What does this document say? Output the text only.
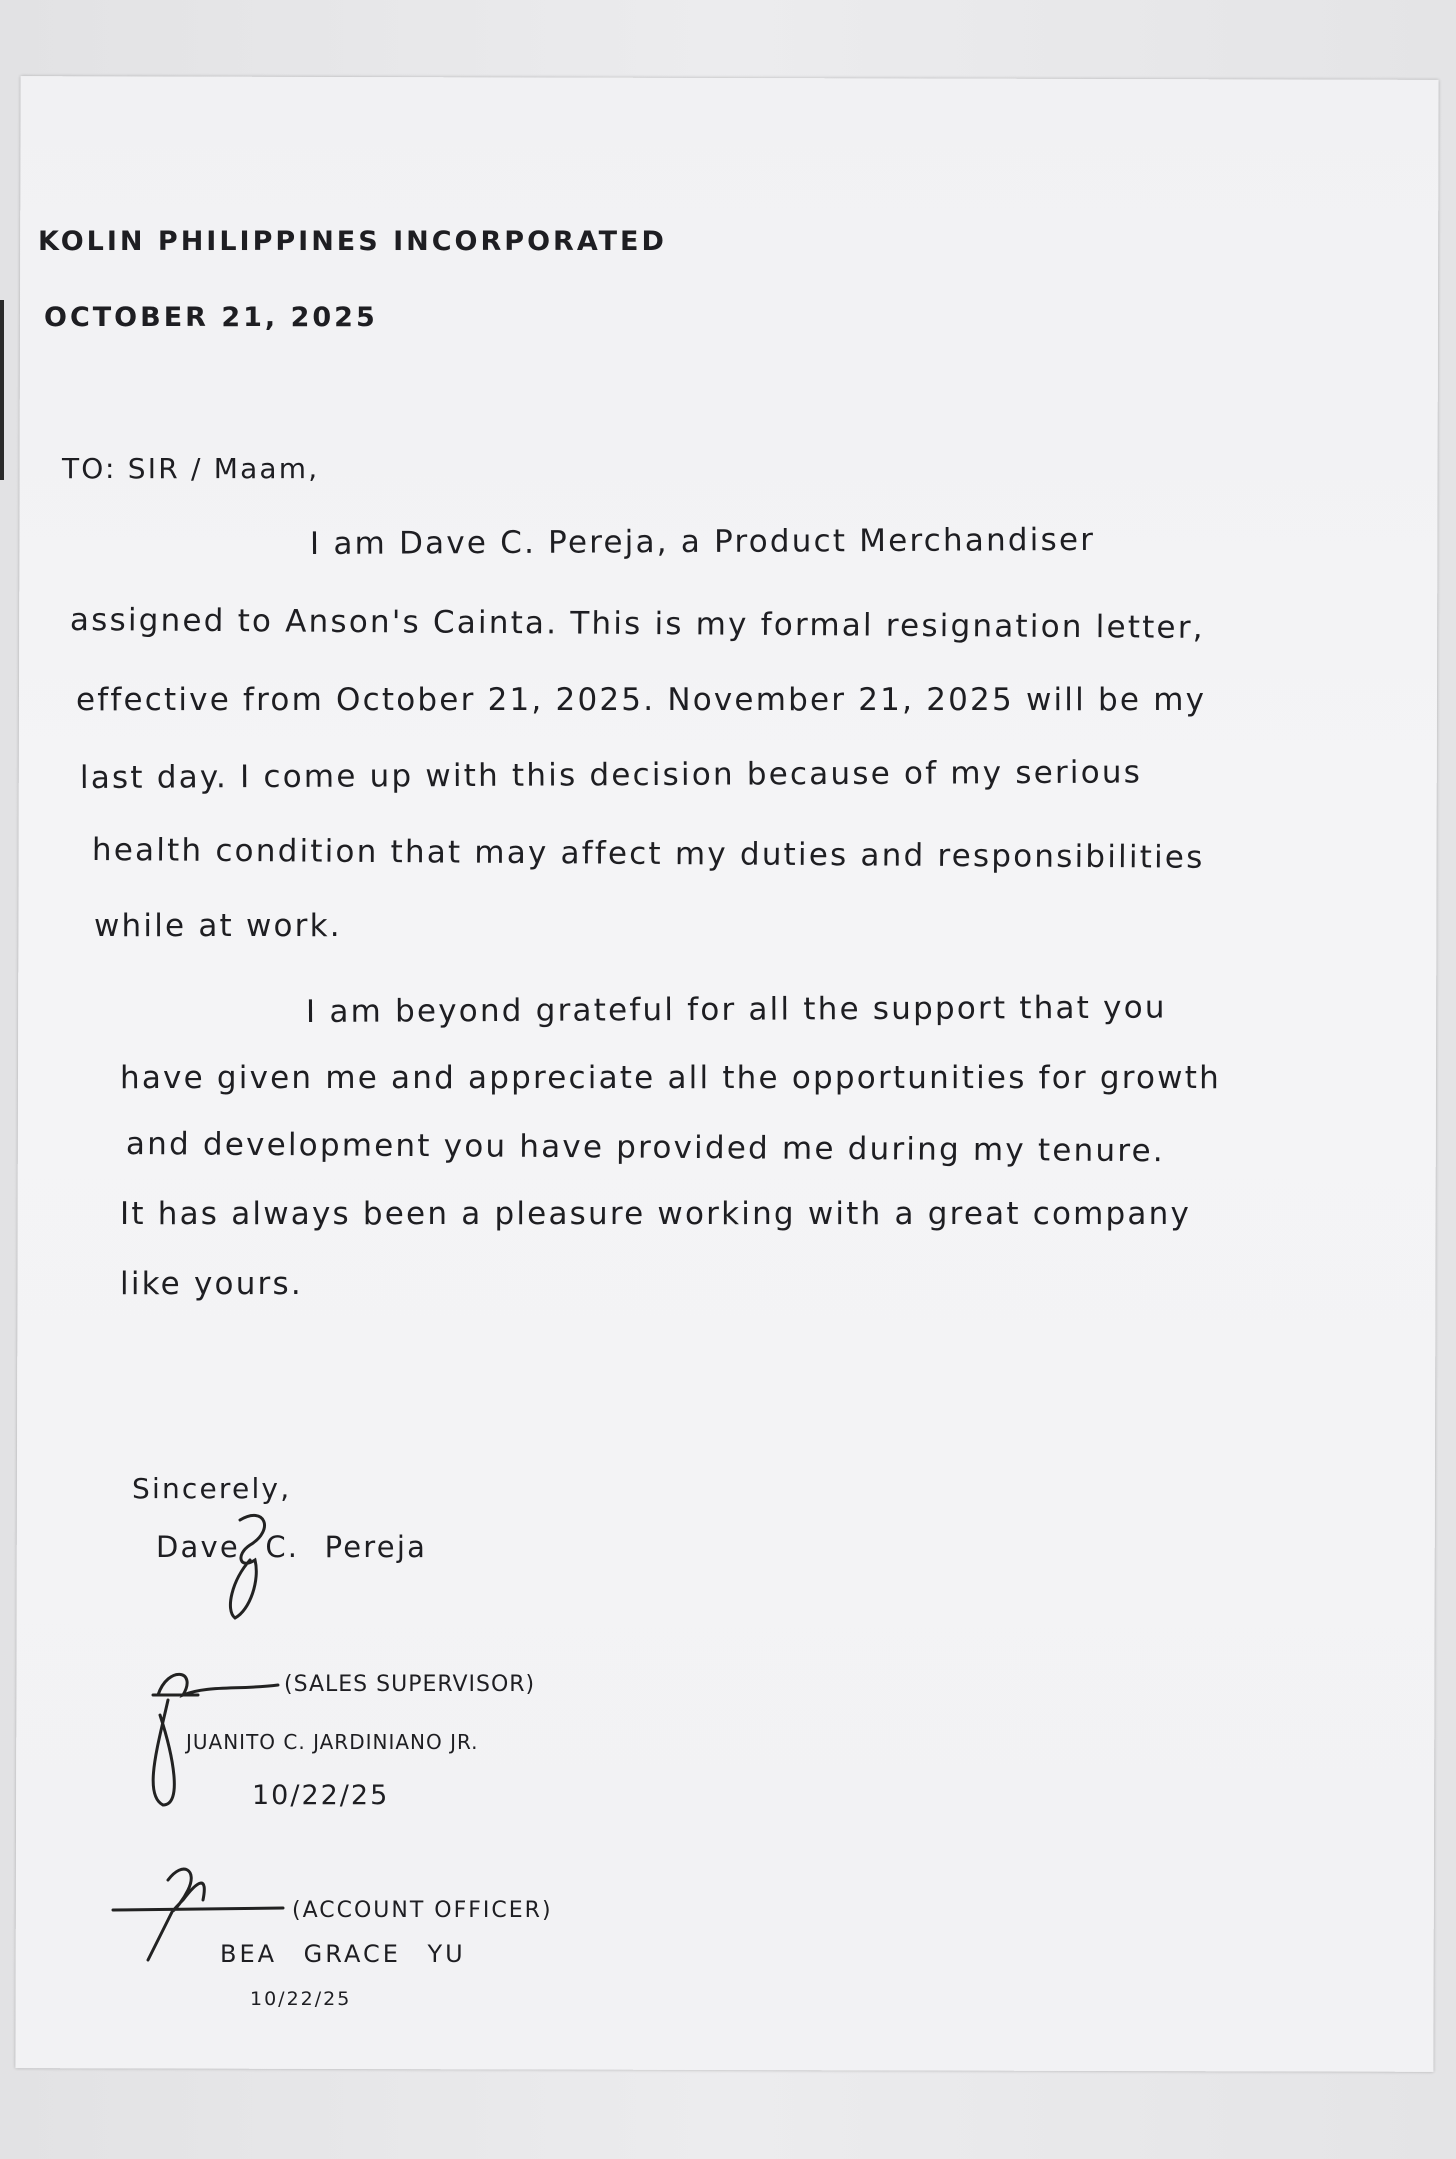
KOLIN PHILIPPINES INCORPORATED
OCTOBER 21, 2025
TO: SIR / Maam,
I am Dave C. Pereja, a Product Merchandiser
assigned to Anson's Cainta. This is my formal resignation letter,
effective from October 21, 2025. November 21, 2025 will be my
last day. I come up with this decision because of my serious
health condition that may affect my duties and responsibilities
while at work.
I am beyond grateful for all the support that you
have given me and appreciate all the opportunities for growth
and development you have provided me during my tenure.
It has always been a pleasure working with a great company
like yours.
Sincerely,
Dave C. Pereja
(SALES SUPERVISOR)
JUANITO C. JARDINIANO JR.
10/22/25
(ACCOUNT OFFICER)
BEA GRACE YU
10/22/25
